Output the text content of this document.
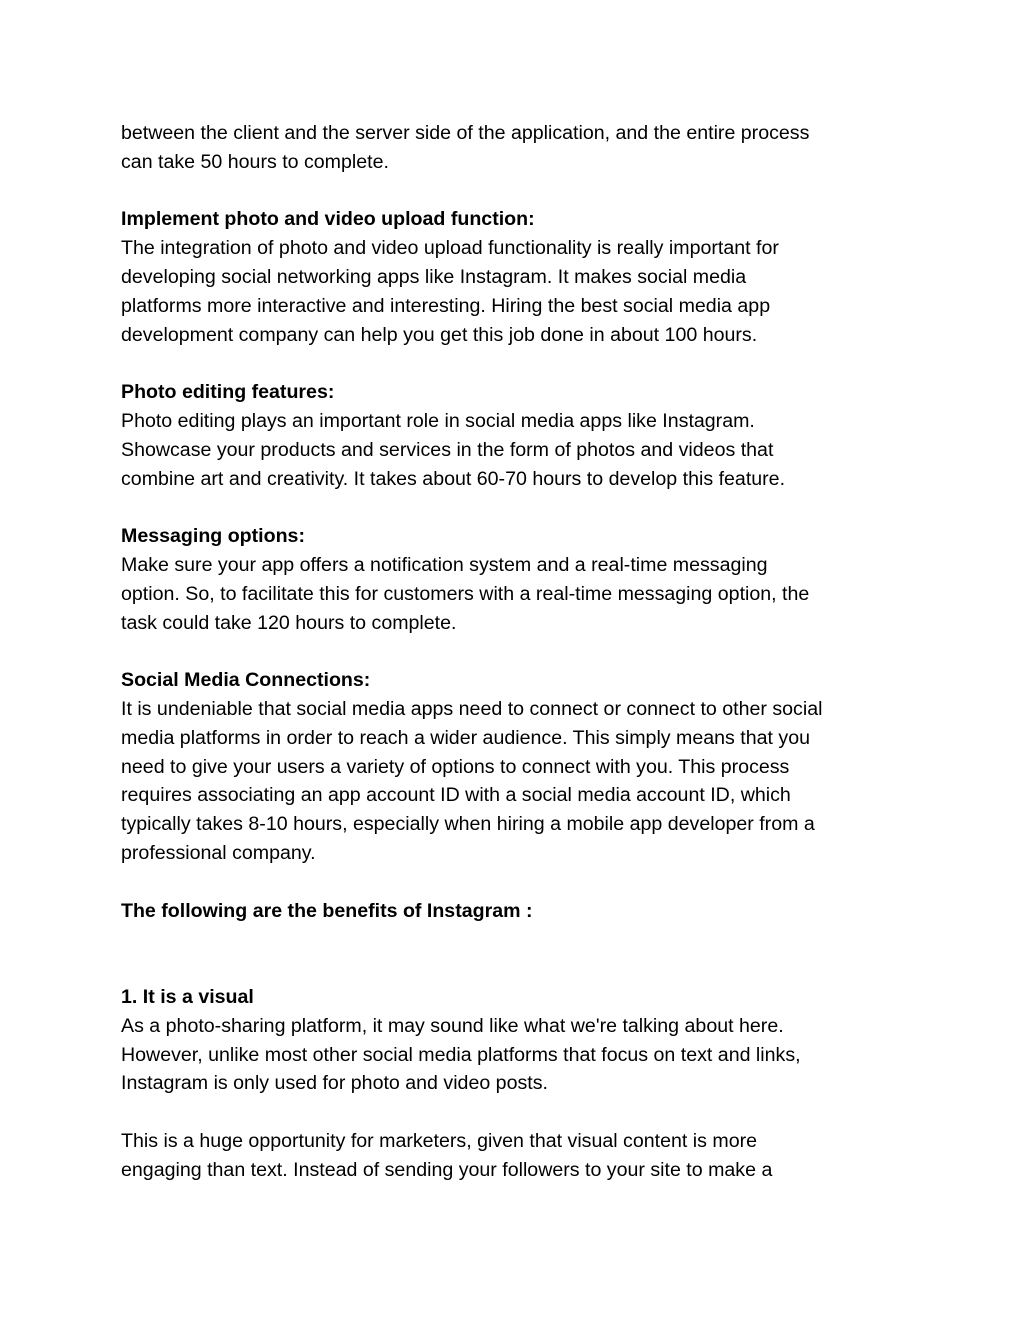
between the client and the server side of the application, and the entire process
can take 50 hours to complete.
Implement photo and video upload function:
The integration of photo and video upload functionality is really important for
developing social networking apps like Instagram. It makes social media
platforms more interactive and interesting. Hiring the best social media app
development company can help you get this job done in about 100 hours.
Photo editing features:
Photo editing plays an important role in social media apps like Instagram.
Showcase your products and services in the form of photos and videos that
combine art and creativity. It takes about 60-70 hours to develop this feature.
Messaging options:
Make sure your app offers a notification system and a real-time messaging
option. So, to facilitate this for customers with a real-time messaging option, the
task could take 120 hours to complete.
Social Media Connections:
It is undeniable that social media apps need to connect or connect to other social
media platforms in order to reach a wider audience. This simply means that you
need to give your users a variety of options to connect with you. This process
requires associating an app account ID with a social media account ID, which
typically takes 8-10 hours, especially when hiring a mobile app developer from a
professional company.
The following are the benefits of Instagram :
1. It is a visual
As a photo-sharing platform, it may sound like what we're talking about here.
However, unlike most other social media platforms that focus on text and links,
Instagram is only used for photo and video posts.
This is a huge opportunity for marketers, given that visual content is more
engaging than text. Instead of sending your followers to your site to make a
